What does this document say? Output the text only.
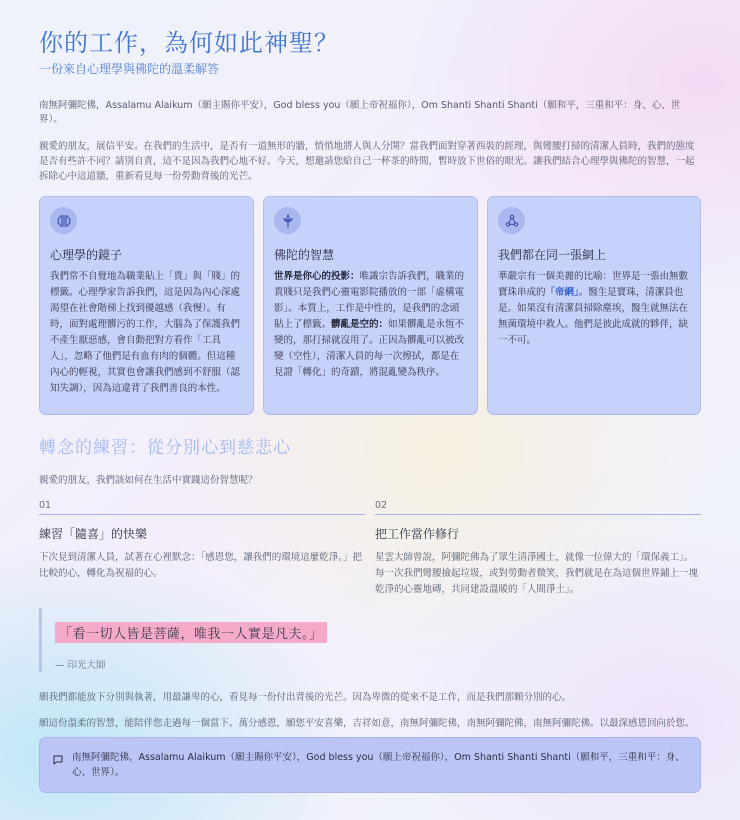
你的工作，為何如此神聖？
一份來自心理學與佛陀的溫柔解答

南無阿彌陀佛，Assalamu Alaikum（願主賜你平安），God bless you（願上帝祝福你），Om Shanti Shanti Shanti（願和平，三重和平：身、心、世界）。

親愛的朋友，展信平安。在我們的生活中，是否有一道無形的牆，悄悄地將人與人分開？當我們面對穿著西裝的經理，與彎腰打掃的清潔人員時，我們的態度是否有些許不同？請別自責，這不是因為我們心地不好。今天，想邀請您給自己一杯茶的時間，暫時放下世俗的眼光。讓我們結合心理學與佛陀的智慧，一起拆除心中這道牆，重新看見每一份勞動背後的光芒。

心理學的鏡子

我們常不自覺地為職業貼上「貴」與「賤」的標籤。心理學家告訴我們，這是因為內心深處渴望在社會階梯上找到優越感（我慢）。有時，面對處理髒污的工作，大腦為了保護我們不產生厭惡感，會自動把對方看作「工具人」，忽略了他們是有血有肉的個體。但這種內心的輕視，其實也會讓我們感到不舒服（認知失調），因為這違背了我們善良的本性。

佛陀的智慧

世界是你心的投影：唯識宗告訴我們，職業的貴賤只是我們心靈電影院播放的一部「虛構電影」。本質上，工作是中性的，是我們的念頭貼上了標籤。髒亂是空的：如果髒亂是永恆不變的，那打掃就沒用了。正因為髒亂可以被改變（空性），清潔人員的每一次擦拭，都是在見證「轉化」的奇蹟，將混亂變為秩序。

我們都在同一張網上

華嚴宗有一個美麗的比喻：世界是一張由無數寶珠串成的「帝網」。醫生是寶珠，清潔員也是。如果沒有清潔員掃除塵埃，醫生就無法在無菌環境中救人。他們是彼此成就的夥伴，缺一不可。

轉念的練習：從分別心到慈悲心

親愛的朋友，我們該如何在生活中實踐這份智慧呢？

01
練習「隨喜」的快樂

下次見到清潔人員，試著在心裡默念：「感恩您，讓我們的環境這麼乾淨。」把比較的心，轉化為祝福的心。

02
把工作當作修行

星雲大師曾說，阿彌陀佛為了眾生清淨國土，就像一位偉大的「環保義工」。每一次我們彎腰撿起垃圾，或對勞動者微笑，我們就是在為這個世界鋪上一塊乾淨的心靈地磚，共同建設溫暖的「人間淨土」。

「看一切人皆是菩薩，唯我一人實是凡夫。」
— 印光大師

願我們都能放下分別與執著，用最謙卑的心，看見每一份付出背後的光芒。因為卑微的從來不是工作，而是我們那顆分別的心。

願這份溫柔的智慧，能陪伴您走過每一個當下。萬分感恩，願您平安喜樂，吉祥如意，南無阿彌陀佛，南無阿彌陀佛，南無阿彌陀佛。以最深感恩回向於您。

南無阿彌陀佛，Assalamu Alaikum（願主賜你平安），God bless you（願上帝祝福你），Om Shanti Shanti Shanti（願和平，三重和平：身、心、世界）。
